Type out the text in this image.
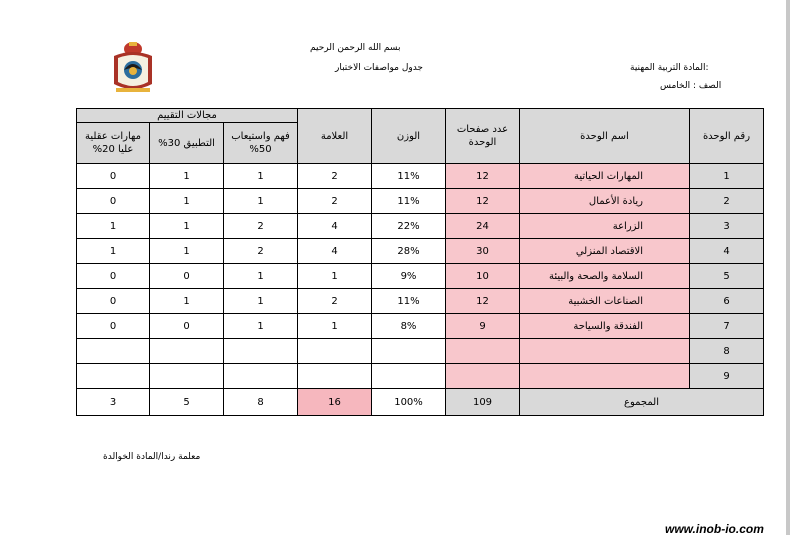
بسم الله الرحمن الرحيم
جدول مواصفات الاختبار	:المادة التربية المهنية
الصف : الخامس
رقم الوحدة	اسم الوحدة	عدد صفحات الوحدة	الوزن	العلامة	مجالات التقييم		
					فهم واستيعاب 50%	التطبيق 30%	مهارات عقلية عليا 20%
1	المهارات الحياتية	12	11%	2	1	1	0
2	ريادة الأعمال	12	11%	2	1	1	0
3	الزراعة	24	22%	4	2	1	1
4	الاقتصاد المنزلي	30	28%	4	2	1	1
5	السلامة والصحة والبيئة	10	9%	1	1	0	0
6	الصناعات الخشبية	12	11%	2	1	1	0
7	الفندقة والسياحة	9	8%	1	1	0	0
8							
9							
المجموع		109	100%	16	8	5	3
معلمة رندا/المادة الخوالدة
www.inob-io.com
